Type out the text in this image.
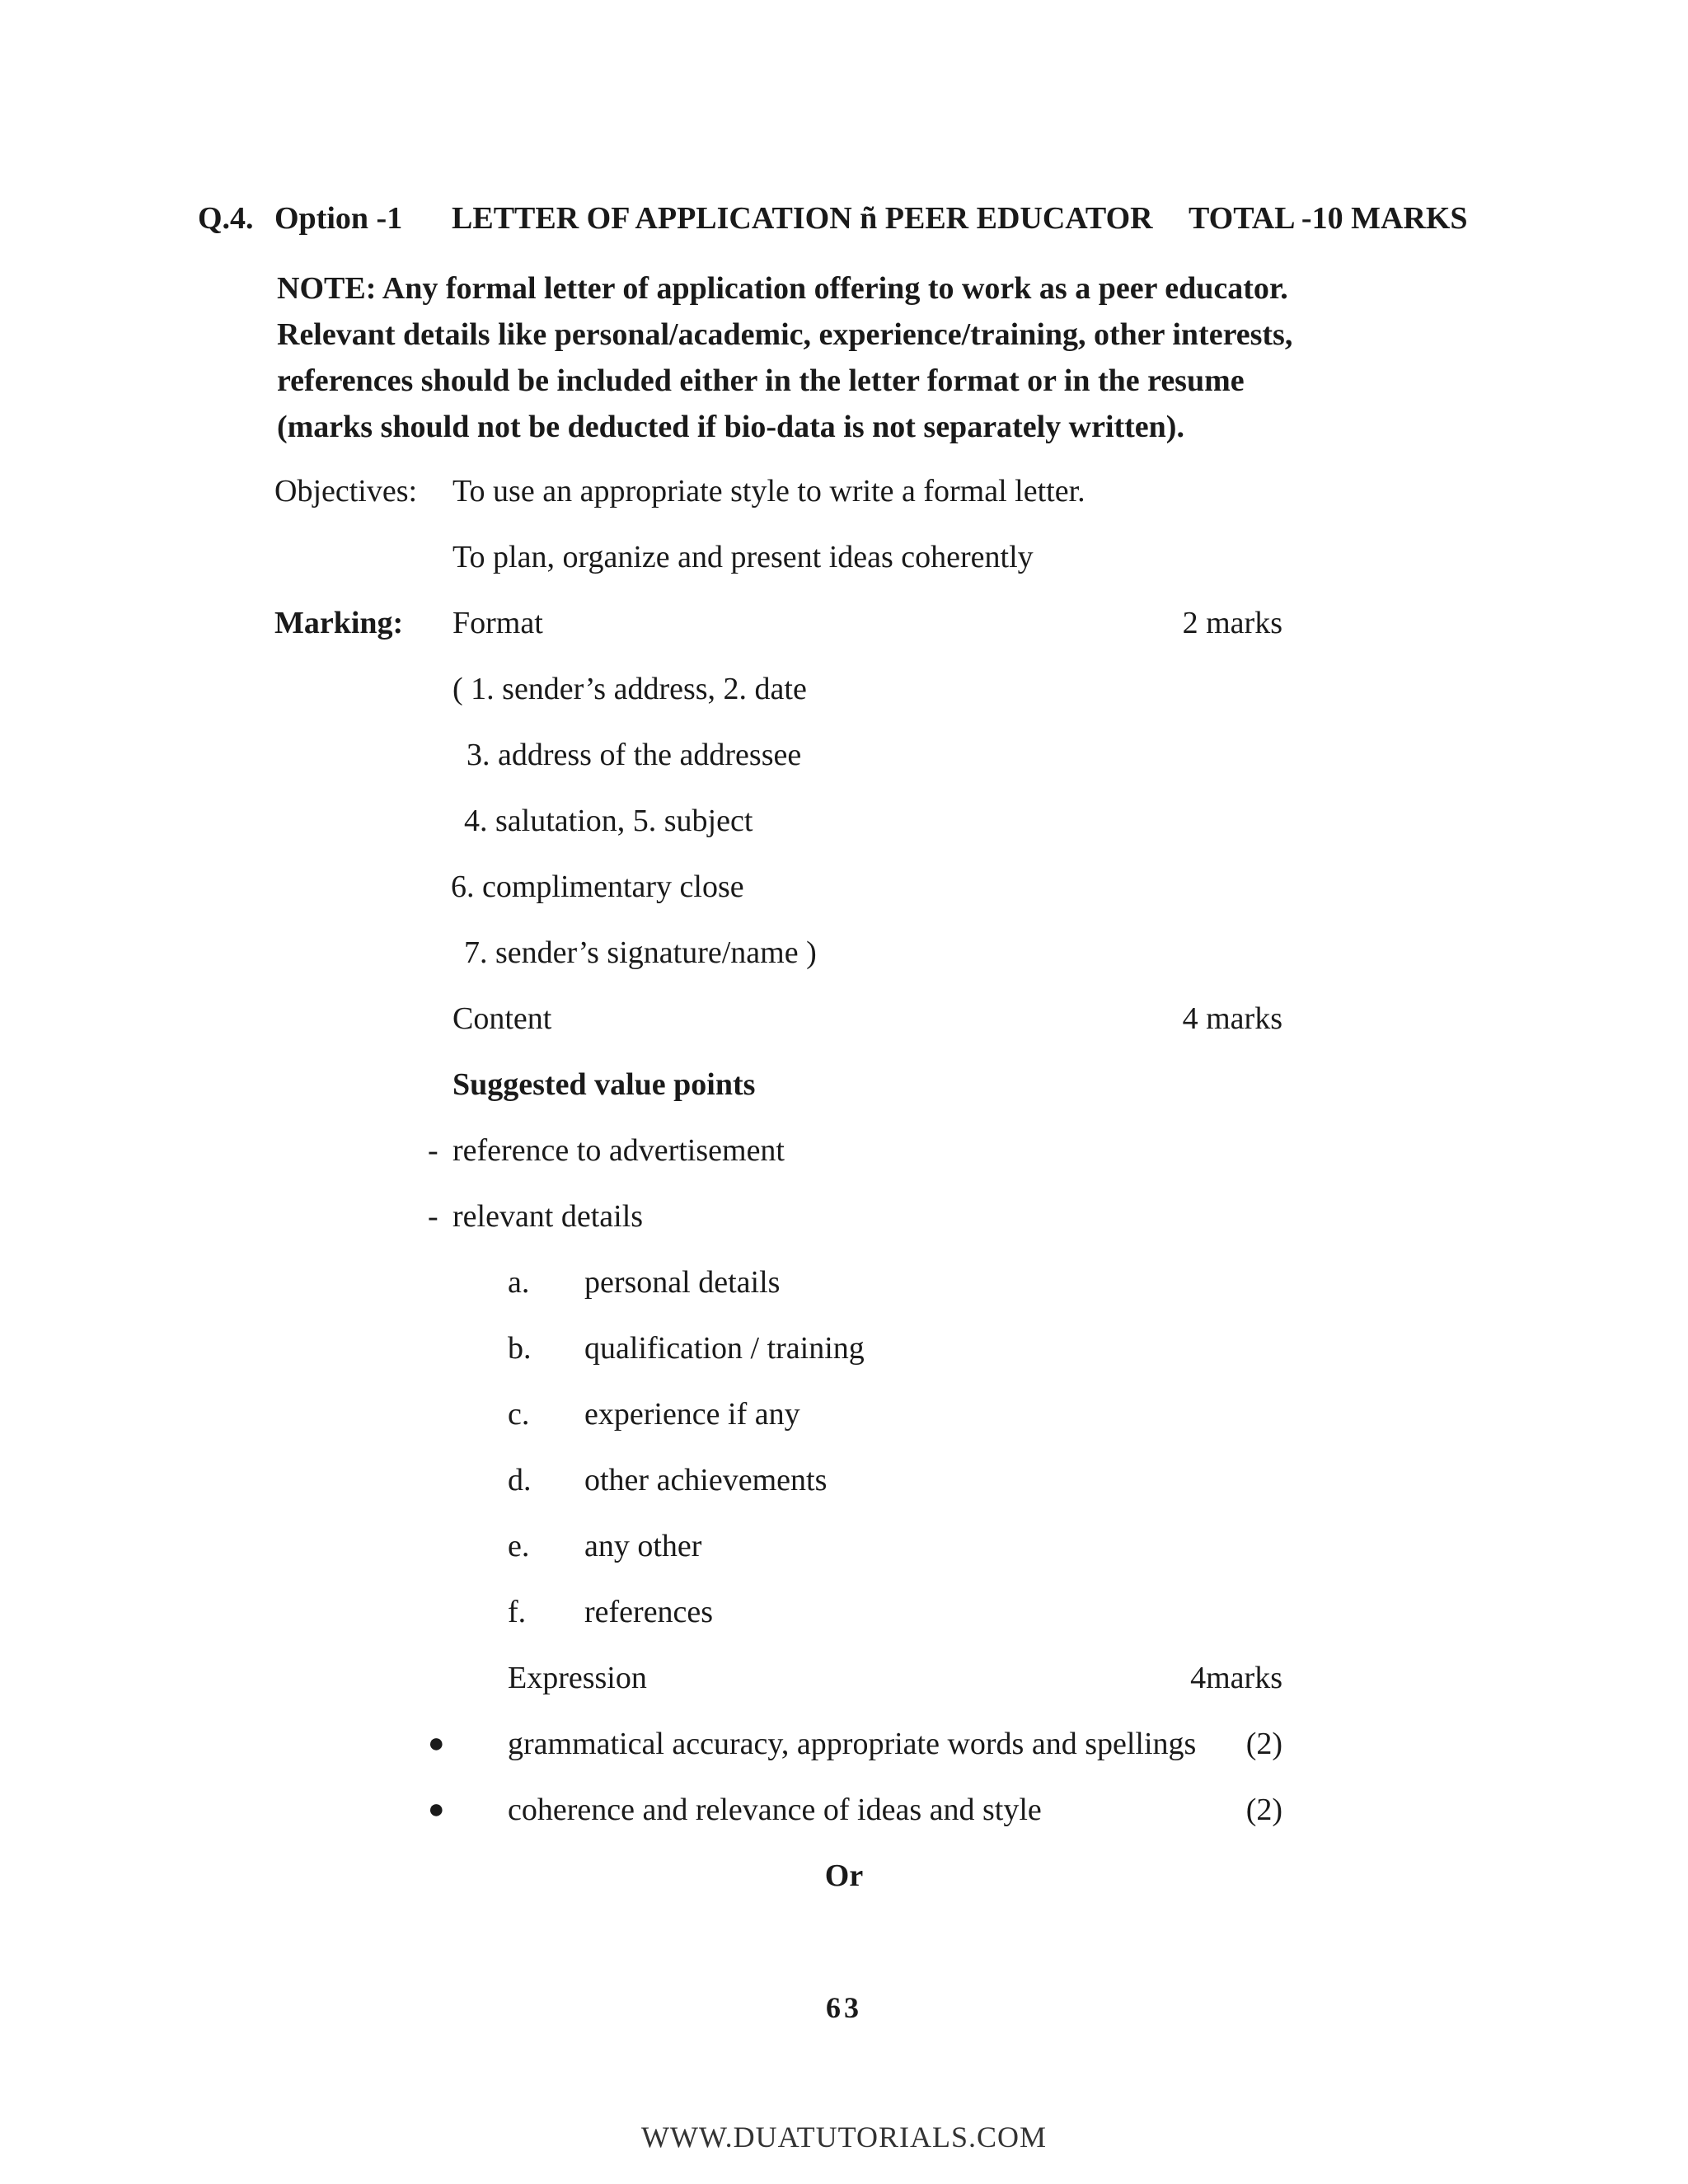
Q.4. Option -1 LETTER OF APPLICATION ñ PEER EDUCATOR TOTAL -10 MARKS
NOTE: Any formal letter of application offering to work as a peer educator.
Relevant details like personal/academic, experience/training, other interests,
references should be included either in the letter format or in the resume
(marks should not be deducted if bio-data is not separately written).
Objectives: To use an appropriate style to write a formal letter.
To plan, organize and present ideas coherently
Marking: Format	2 marks
( 1. sender’s address, 2. date
3. address of the addressee
4. salutation, 5. subject
6. complimentary close
7. sender’s signature/name )
Content	4 marks
Suggested value points
- reference to advertisement
- relevant details
a. personal details
b. qualification / training
c. experience if any
d. other achievements
e. any other
f. references
Expression	4marks
● grammatical accuracy, appropriate words and spellings	(2)
● coherence and relevance of ideas and style	(2)
Or
63
WWW.DUATUTORIALS.COM
